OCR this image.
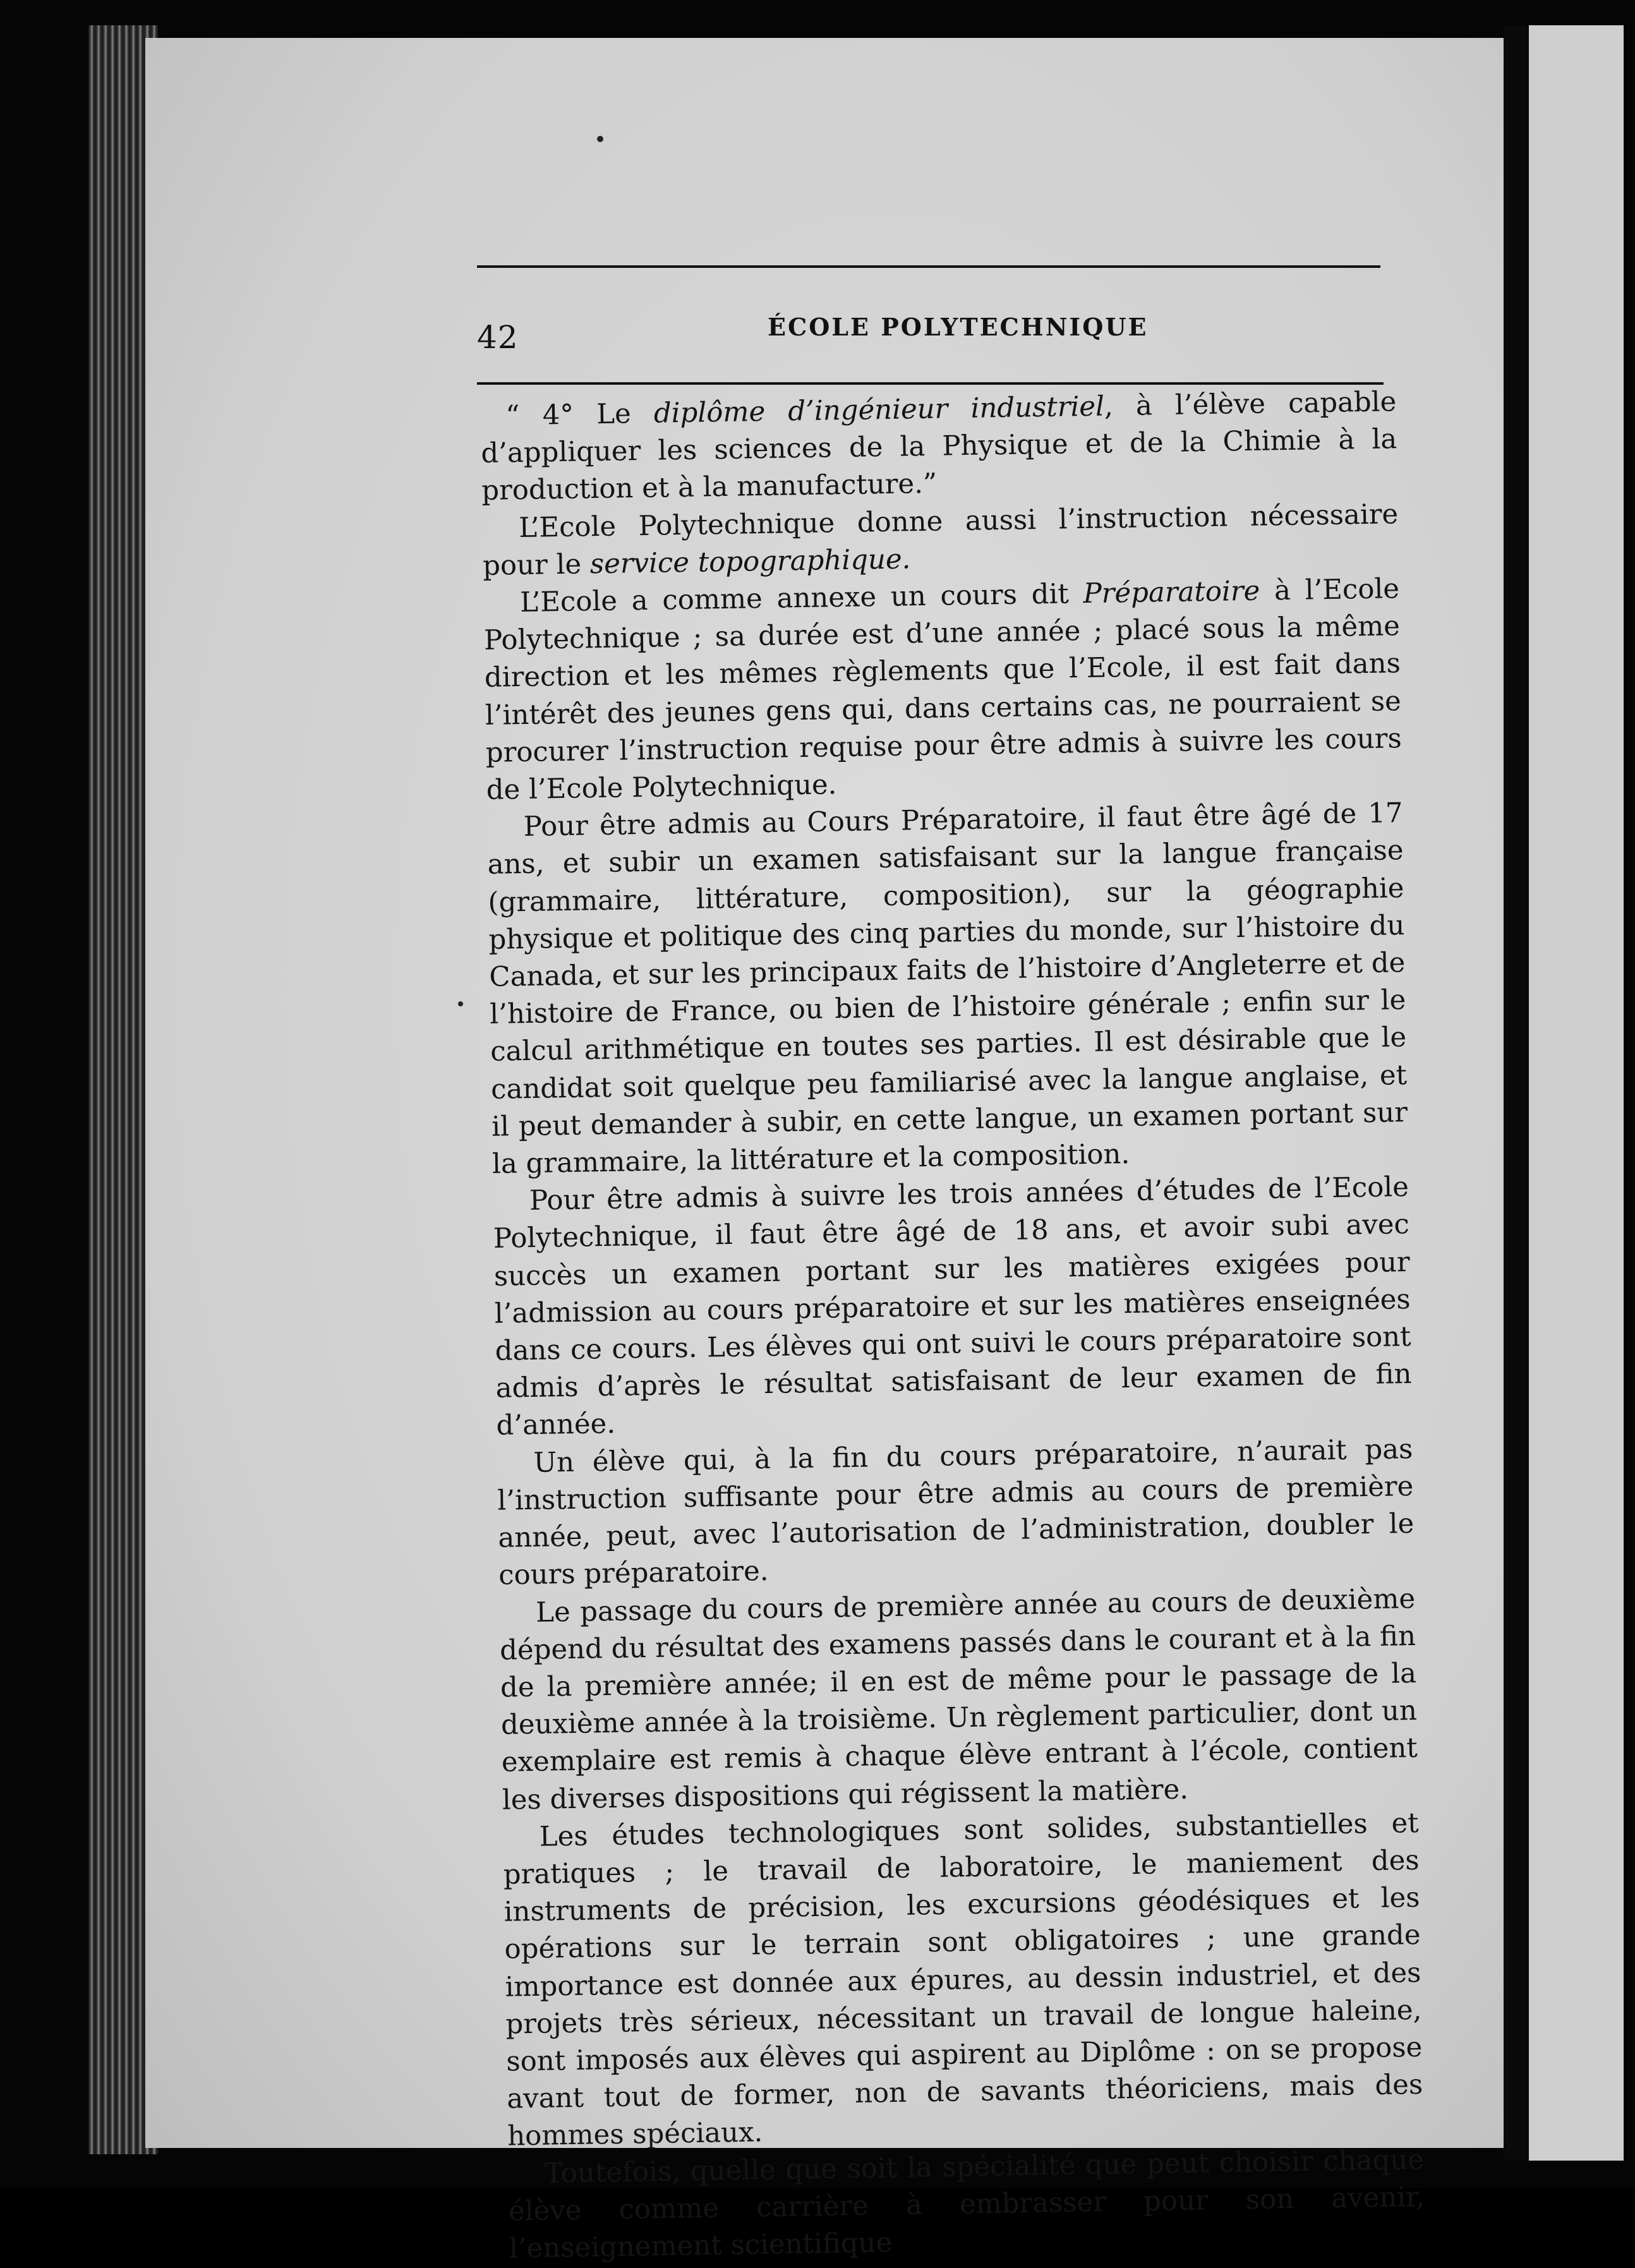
42	ÉCOLE POLYTECHNIQUE

“ 4° Le diplôme d’ingénieur industriel, à l’élève capable d’appliquer les sciences de la Physique et de la Chimie à la production et à la manufacture.”

L’Ecole Polytechnique donne aussi l’instruction nécessaire pour le service topographique.

L’Ecole a comme annexe un cours dit Préparatoire à l’Ecole Polytechnique ; sa durée est d’une année ; placé sous la même direction et les mêmes règlements que l’Ecole, il est fait dans l’intérêt des jeunes gens qui, dans certains cas, ne pourraient se procurer l’instruction requise pour être admis à suivre les cours de l’Ecole Polytechnique.

Pour être admis au Cours Préparatoire, il faut être âgé de 17 ans, et subir un examen satisfaisant sur la langue française (grammaire, littérature, composition), sur la géographie physique et politique des cinq parties du monde, sur l’histoire du Canada, et sur les principaux faits de l’histoire d’Angleterre et de l’histoire de France, ou bien de l’histoire générale ; enfin sur le calcul arithmétique en toutes ses parties. Il est désirable que le candidat soit quelque peu familiarisé avec la langue anglaise, et il peut demander à subir, en cette langue, un examen portant sur la grammaire, la littérature et la composition.

Pour être admis à suivre les trois années d’études de l’Ecole Polytechnique, il faut être âgé de 18 ans, et avoir subi avec succès un examen portant sur les matières exigées pour l’admission au cours préparatoire et sur les matières enseignées dans ce cours. Les élèves qui ont suivi le cours préparatoire sont admis d’après le résultat satisfaisant de leur examen de fin d’année.

Un élève qui, à la fin du cours préparatoire, n’aurait pas l’instruction suffisante pour être admis au cours de première année, peut, avec l’autorisation de l’administration, doubler le cours préparatoire.

Le passage du cours de première année au cours de deuxième dépend du résultat des examens passés dans le courant et à la fin de la première année; il en est de même pour le passage de la deuxième année à la troisième. Un règlement particulier, dont un exemplaire est remis à chaque élève entrant à l’école, contient les diverses dispositions qui régissent la matière.

Les études technologiques sont solides, substantielles et pratiques ; le travail de laboratoire, le maniement des instruments de précision, les excursions géodésiques et les opérations sur le terrain sont obligatoires ; une grande importance est donnée aux épures, au dessin industriel, et des projets très sérieux, nécessitant un travail de longue haleine, sont imposés aux élèves qui aspirent au Diplôme : on se propose avant tout de former, non de savants théoriciens, mais des hommes spéciaux.

Toutefois, quelle que soit la spécialité que peut choisir chaque élève comme carrière à embrasser pour son avenir, l’enseignement scientifique
